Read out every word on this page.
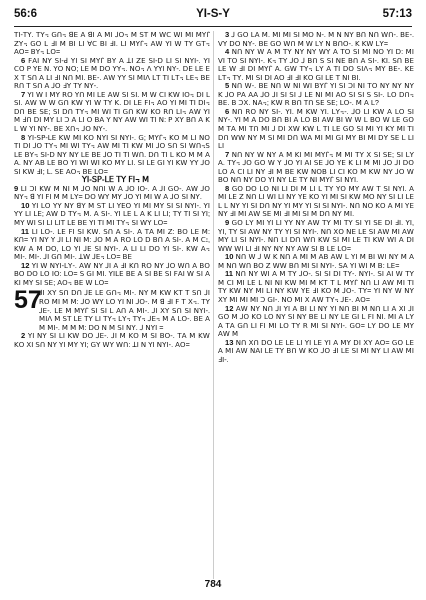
56:6	YI-S-Y	57:13

ꓔꓲ-ꓔꓬ. ꓔꓬ꓾ ꓖꓵ꓾ ꓭꓰ ꓮ ꓭꓲ ꓮ ꓟꓲ ꓙꓳ꓾ ꓟ ꓢꓔ ꓟ ꓪꓚ ꓪꓲ ꓟꓲ ꓟꓬꓩ ꓜꓬ꓾ ꓖꓳ ꓡ ꓞꓲ ꓟ ꓐꓲ ꓡꓲ ꓯꓚ ꓐꓲ ꓞꓲ. ꓡꓲ ꓟꓬꓩ꓾ ꓮꓪ ꓬꓲ ꓪ ꓔꓬ ꓖꓔ꓾ ꓮꓳ= ꓐꓬ꓾ ꓡꓳ=

6 ꓝꓮꓲ ꓠꓬ ꓢꓲ-ꓒ ꓬꓲ ꓢꓲ ꓟꓬꓩ ꓐꓬ ꓮ ꓕꓲ ꓜꓰ ꓢꓲ-ꓓ ꓡꓲ ꓢꓲ ꓠꓬꓲ-. ꓬꓲ ꓚꓳ ꓑ ꓬꓰ ꓠ. ꓬꓳ ꓠꓳ; ꓡꓰ ꓟ ꓓꓳ ꓬꓬ꓾. ꓠꓳ꓾ ꓥ ꓬꓬꓲ ꓠꓬ-. ꓓꓰ ꓡꓰ ꓰ ꓫ ꓔ ꓢꓵ ꓮ ꓡꓲ ꓞꓲ ꓠꓵ ꓟꓲ. ꓐꓰ-. ꓮꓪ ꓬꓬ ꓢꓲ ꓟꓲꓥ ꓡꓔ ꓔꓲ ꓡꓔ꓾ ꓡꓰ꓾ ꓐꓰ ꓣꓵ ꓔ ꓢꓵ ꓮ ꓙꓳ ꓞꓬ ꓔꓬ ꓠꓬ-.

7 ꓬꓲ ꓪ ꓲ ꓟꓬ ꓣꓳ ꓬꓵ ꓟꓲ ꓡꓰ ꓮꓪ ꓢꓲ ꓢꓲ. ꓟ ꓪ ꓚꓲ ꓗꓪ ꓲꓳ꓾ ꓓꓲ ꓡ ꓢꓲ. ꓮꓪ ꓪ ꓪ ꓖꓵ ꓗꓪ ꓬꓲ ꓪ ꓔꓬ ꓗ. ꓓꓲ ꓡꓰ ꓝꓲ꓾ ꓮꓳ ꓬꓲ ꓟꓲ ꓔꓲ ꓓꓲ꓾ ꓓꓵ ꓐꓰ ꓢꓰ; ꓢꓲ ꓓꓵ ꓔꓬ꓾ ꓟꓲ ꓪꓲ ꓔꓲ ꓖꓵ ꓗꓪ ꓗꓳ ꓣꓵ ꓡꓲ꓾ ꓮꓪ ꓬꓲ ꓟ ꓞꓵ ꓓꓲ ꓟꓬ ꓡꓲ ꓛ ꓮ ꓡꓲ ꓳ ꓐꓮ ꓬ ꓠꓬ ꓮꓪ ꓪꓲ ꓔꓲ ꓠ: ꓑ ꓫꓬ ꓐꓵ ꓮ ꓗ ꓡ ꓪ ꓬꓲ ꓠꓬ-. ꓐꓰ ꓫꓵ꓾ ꓙꓳ ꓠꓬ-.

8 ꓬꓲ-ꓢꓑ-ꓡꓰ ꓗꓪ ꓟꓲ ꓗꓳ ꓠꓬꓲ ꓢꓲ ꓠꓬꓲ-. ꓖ; ꓟꓬꓩ꓾ ꓗꓳ ꓟ ꓡꓲ ꓠꓳ ꓔꓲ ꓓꓲ ꓙꓳ ꓔꓬ꓾ ꓟꓲ ꓪꓲ ꓔꓬ꓾ ꓮꓪ ꓟꓲ ꓔꓲ ꓗꓪ ꓟꓲ ꓙꓳ ꓢꓵ ꓢꓲ ꓪꓵ꓾ꓢ ꓡꓰ ꓐꓬ꓾ ꓢꓲ-ꓓ ꓠꓬ ꓠꓬ ꓡꓰ ꓐꓰ ꓙꓳ ꓔꓲ ꓔꓲ ꓪꓵ. ꓓꓵ ꓔꓲ ꓡ ꓗꓳ ꓟ ꓟ ꓮ ꓮ. ꓠꓬ ꓮꓐ ꓡꓰ ꓐꓳ ꓬꓲ ꓪꓲ ꓪꓲ ꓗꓳ ꓟꓬ ꓡꓲ. ꓢꓲ ꓡꓰ ꓖꓲ ꓬꓲ ꓗꓪ ꓬꓬ ꓙꓳ ꓢꓲ ꓗꓪ ꓞꓲ; ꓡ. ꓢꓰ ꓮꓳ꓾ ꓐꓰ ꓡꓳ=

ꓬꓲ-ꓢꓑ-ꓡꓰ ꓔꓬ ꓝꓲ꓾ ꓟ

9 ꓡꓲ ꓛꓲ ꓗꓪ ꓟ ꓠꓲ ꓟ ꓙꓳ ꓠꓵꓲ ꓪ ꓮ ꓙꓳ ꓲꓳ-. ꓮ ꓙꓲ ꓖꓳ-. ꓮꓪ ꓙꓳ ꓠꓬ꓾ ꓭ ꓬꓲ ꓝꓲ ꓟ ꓟ ꓡꓬ= ꓓꓳ ꓪꓬ ꓟꓬ ꓙꓳ ꓬꓲ ꓟꓲ ꓪ ꓮ ꓙꓳ ꓢꓲ ꓠꓬ.

10 ꓬꓲ ꓡꓳ ꓬꓬ ꓠꓬ ꓭꓬ ꓟ ꓢꓔ ꓡꓲ ꓬꓰꓳ ꓬꓲ ꓟꓲ ꓟꓬ ꓢꓲ ꓢꓲ ꓠꓬꓲ-. ꓬꓲ ꓬꓬ ꓡꓲ ꓡꓰ; ꓮꓪ ꓓ ꓔꓬ꓾ ꓟ. ꓮ ꓢꓲ-. ꓬꓲ ꓡꓰ ꓡ ꓮ ꓗ ꓡꓲ ꓡꓲ; ꓔꓬ ꓔꓲ ꓢꓲ ꓬꓲ; ꓟꓬ ꓪꓲ ꓢꓲ ꓡꓲ ꓡꓲꓔ ꓡꓰ ꓐꓰ ꓬꓲ ꓔꓲ ꓟꓲ ꓔꓬ꓾ ꓢꓲ ꓪꓬ ꓡꓳ=

11 ꓡꓲ ꓡꓳ-. ꓡꓰ ꓝꓲ ꓢꓲ ꓗꓪ. ꓢꓵ ꓮ ꓢꓲ-. ꓮ ꓔꓮ ꓟꓲ ꓜ: ꓐꓳ ꓡꓰ ꓟ: ꓗꓵ= ꓬꓲ ꓠꓬ ꓬ ꓙꓲ ꓡꓲ ꓠꓲ ꓟ: ꓙꓳ ꓟ ꓮ ꓣꓳ ꓡꓳ ꓓ ꓐꓵ ꓮ ꓢꓲ-. ꓮ ꓟ ꓚꓽ, ꓗꓪ ꓮ ꓟ ꓓꓳ, ꓡꓳ ꓬꓲ ꓙꓰ ꓢꓲ ꓠꓬꓲ-. ꓮ ꓡꓲ ꓡꓲ ꓓꓳ ꓬꓲ ꓢꓲ-. ꓗꓪ ꓮ꓾ ꓟꓲ-. ꓟꓲ-. ꓙꓲ ꓖꓵ ꓟꓲ-. ꓕꓪ ꓙꓰ꓾ ꓡꓳ= ꓐꓰ

12 ꓬꓲ ꓪ ꓠꓬꓲ-ꓡꓬ-. ꓮꓪ ꓠꓬ ꓙꓲ ꓮ ꓞꓲ ꓗꓵ ꓣꓳ ꓠꓬ ꓙꓳ ꓪꓵ ꓮ ꓐꓳ ꓐꓳ ꓓꓳ ꓡꓳ ꓲꓳ: ꓡꓳ= ꓢ ꓖꓲ ꓟꓲ. ꓬꓲꓡꓰ ꓐꓰ ꓮ ꓢꓲ ꓐꓰ ꓢꓲ ꓝꓮꓲ ꓪ ꓢꓲ ꓮ ꓗꓲ ꓟꓬ ꓢꓲ ꓢꓰ; ꓮꓳ꓾ ꓐꓰ ꓪ ꓡꓳ=

57
ꓙꓲ ꓫꓬ ꓢꓵ ꓓꓵ ꓙꓰ ꓡꓰ ꓖꓵ꓾ ꓟꓲ-. ꓠꓬ ꓟ ꓗꓪ ꓗꓔ ꓔ ꓢꓵ ꓙꓲ ꓣꓳ ꓟꓲ ꓟ ꓟ: ꓙꓳ ꓪꓬ ꓡꓳ ꓬꓲ ꓠꓲ ꓙꓳ-. ꓟ ꓭ ꓞꓲ ꓝ ꓔ ꓫ꓾. ꓔꓬ ꓙꓰ-. ꓡꓰ ꓟ ꓟꓬꓩ ꓢꓲ ꓢꓲ ꓡ ꓮꓵ ꓮ ꓟꓲ-. ꓙꓲ ꓫꓬ ꓢꓵ ꓢꓲ ꓠꓬꓲ-. ꓟꓲꓥ ꓟ ꓢꓔ ꓡꓰ ꓔꓬ ꓡꓲ ꓔꓬ꓾ ꓡꓬ꓾ ꓔꓬ꓾ ꓙꓰ꓾ ꓟ ꓮ ꓡꓳ-. ꓐꓰ ꓮ ꓟ ꓟꓲ-. ꓟ ꓟ ꓟ: ꓓꓳ ꓠ ꓟ ꓢꓲ ꓠꓬ. ꓙ ꓠꓬꓲ =

2 ꓬꓲ ꓠꓬ ꓢꓲ ꓡꓲ ꓗꓪ ꓓꓳ ꓙꓰ-. ꓙꓲ ꓟ ꓗꓳ ꓟ ꓢꓲ ꓐꓳ-. ꓔꓮ ꓟ ꓗꓪ ꓗꓳ ꓫꓲ ꓢꓵ ꓠꓬ ꓬꓲ ꓟꓬ ꓬꓲ; ꓖꓬ ꓪꓬ ꓪꓵ: ꓕꓲ ꓠ ꓬꓲ ꓠꓬꓲ-. ꓮꓳ=

3 ꓙ ꓖꓳ ꓡꓮ ꓟ. ꓟꓲ ꓟꓲ ꓢꓲ ꓟꓳ ꓠ-. ꓟ ꓠ ꓠꓬ ꓐꓵ ꓠꓵ ꓪꓵ-. ꓐꓰ-. ꓦꓬ ꓓꓳ ꓠꓬ-. ꓐꓰ ꓖꓳ ꓪꓵ ꓟ ꓪ ꓡꓬ ꓠ ꓐꓵꓳ-. ꓗ ꓗꓪ ꓡꓬ=

4 ꓠꓵ ꓠꓬ ꓪ ꓮ ꓟ ꓔꓬ ꓠꓬ ꓠꓬ ꓪꓬ ꓮ ꓔꓳ ꓢꓲ ꓟꓲ ꓠꓳ ꓬꓲ ꓓ: ꓟꓲ ꓦꓲ ꓔꓳ ꓢꓲ ꓠꓬꓲ-. ꓗ꓾ ꓔꓬ ꓙꓳ ꓙ ꓐꓵ ꓢ ꓢꓲ ꓠꓰ ꓐꓵ ꓮ ꓢꓲ-. ꓗꓲ. ꓢꓵ ꓐꓰ ꓡꓰ ꓪ ꓞꓲ ꓓꓲ ꓟꓬꓩ ꓮ. ꓖꓪ ꓔꓬ꓾ ꓡꓬ ꓮ ꓔꓲ ꓓꓳ ꓢꓲꓥ꓾ ꓟꓬ ꓐꓰ-. ꓗꓰ ꓡꓔ꓾ ꓔꓬ. ꓟꓲ ꓢꓲ ꓓꓲ ꓮꓳ ꓞꓲ ꓞꓲ ꓗꓳ ꓖꓲ ꓡꓰ ꓔ ꓠꓲ ꓐꓲ.

5 ꓠꓵ ꓪ-. ꓐꓰ ꓠꓵ ꓪ ꓠꓲ ꓪꓲ ꓐꓬꓩ ꓬꓲ ꓢꓲ ꓛꓲ ꓠꓲ ꓔꓳ ꓠꓬ ꓠꓬ ꓠꓬ ꓗ ꓙꓳ ꓑꓮ ꓮꓮ ꓙꓳ ꓙꓲ ꓢꓲ ꓢꓲ ꓙ ꓡꓰ ꓠꓲ ꓟꓲ ꓮꓳ ꓢꓲ ꓢꓲ ꓢ ꓢꓲ-. ꓡꓳ ꓓꓵ꓾ ꓐꓰ. ꓐ ꓛꓫ. ꓠꓮ꓾; ꓗꓪ ꓣ ꓐꓵ ꓔꓵ ꓢꓰ ꓢꓰ; ꓡꓳ-. ꓟ ꓮ ꓡ?

6 ꓠꓵ ꓣꓳ ꓠꓬ ꓢꓲ-. ꓬꓲ. ꓟ ꓗꓪ ꓬꓲ. ꓡꓬ꓾-. ꓙꓳ ꓡꓲ ꓗꓪ ꓮ ꓡꓳ ꓢꓲ ꓠꓬ-. ꓬꓲ ꓟ ꓮ ꓓꓳ ꓐꓵ ꓐꓲ ꓮ ꓡꓳ ꓐꓲ ꓮꓪ ꓐꓲ ꓪ ꓪ ꓡ ꓐꓳ ꓪ ꓡꓰ ꓖꓳ ꓟ ꓔꓮ ꓟꓲ ꓔꓵ ꓟꓲ ꓙ ꓓꓲ ꓫꓪ ꓗꓪ ꓡ ꓔꓲ ꓡꓰ ꓖꓳ ꓢꓲ ꓟꓲ ꓬꓲ ꓗꓬ ꓟꓲ ꓔꓲ ꓓꓵ ꓪꓪ ꓠꓬ ꓟ ꓢꓲ ꓟꓲ ꓓꓵ ꓪꓮ ꓟꓲ ꓟꓲ ꓖꓲ ꓟꓬ ꓐꓲ ꓟꓲ ꓓꓬ ꓢꓰ ꓡ ꓡꓲ ꓡꓲ

7 ꓠꓵ ꓠꓬ ꓪ ꓠꓬ ꓮ ꓟ ꓗꓲ ꓟꓲ ꓟꓬꓩ꓾ ꓟ ꓟꓲ ꓔꓬ ꓫ ꓢꓲ ꓢꓰ; ꓢꓲ ꓡꓬ ꓮ. ꓔꓬ꓾ ꓙꓳ ꓖꓳ ꓪ ꓬ ꓙꓳ ꓬꓲ ꓮꓲ ꓢꓰ ꓙꓳ ꓬꓰ ꓗ ꓡꓲ ꓟ ꓟꓲ ꓙꓳ ꓙꓲ ꓓꓳ ꓡꓳ ꓮ ꓚꓲ ꓡꓲ ꓠꓬ ꓞꓲ ꓟ ꓐꓰ ꓗꓪ ꓠꓳꓐ ꓡꓲ ꓚꓲ ꓗꓳ ꓟ ꓗꓪ ꓠꓬ ꓙꓳ ꓪ ꓐꓳ ꓠꓵ ꓠꓬ ꓓꓳ ꓬꓲ ꓠꓬ ꓡꓰ ꓔꓬ ꓠꓲ ꓟꓬꓩ ꓢꓲ ꓠꓬꓲ.

8 ꓖꓳ ꓓꓳ ꓡꓳ ꓠꓲ ꓡꓲ ꓓꓲ ꓟ ꓡꓲ ꓡ ꓔꓬ ꓬꓳ ꓟꓬ ꓮꓪ ꓔ ꓢꓲ ꓠꓬꓲ. ꓮ ꓟꓲ ꓡꓰ ꓜ ꓠꓵ ꓡꓲ ꓪꓲ ꓡꓲ ꓠꓬ ꓬꓰ ꓗꓳ ꓬꓲ ꓟꓲ ꓢꓲ ꓗꓪ ꓟꓳ ꓠꓬ ꓢꓲ ꓡꓲ ꓡꓰ ꓡ ꓡ ꓠꓬ ꓬꓲ ꓢꓲ ꓓꓵ ꓠꓬ ꓬꓲ ꓟꓬ ꓬꓲ ꓢꓲ ꓢꓲ ꓠꓬꓲ-. ꓠꓵ ꓠꓳ ꓗꓳ ꓮ ꓟꓲ ꓬꓰ ꓠꓬ ꓞꓲ ꓟꓲ ꓮꓪ ꓢꓰ ꓟꓲ ꓞꓲ ꓟꓲ ꓢꓲ ꓟ ꓓꓵ ꓠꓬ ꓟꓲ.

9 ꓖꓳ ꓡꓬ ꓟꓲ ꓬꓲ ꓡꓲ ꓬꓬ ꓠꓬ ꓮꓪ ꓔꓬ ꓟꓲ ꓔꓬ ꓢꓲ ꓬꓲ ꓢꓰ ꓓꓲ ꓞꓲ. ꓬꓲ, ꓬꓲ, ꓔꓬ ꓢꓲ ꓮꓪ ꓠꓬ ꓔꓬ ꓬꓲ ꓢꓲ ꓠꓬꓲ-. ꓠꓵ ꓫꓳ ꓠꓰ ꓡꓰ ꓢꓲ ꓮꓪ ꓟꓲ ꓮꓪ ꓟꓬ ꓡꓲ ꓢꓲ ꓠꓬꓲ-. ꓠꓵ ꓡꓲ ꓓꓵ ꓪꓵ ꓗꓪ ꓢꓲ ꓟꓲ ꓡꓰ ꓔꓲ ꓗꓪ ꓪꓲ ꓮ ꓓꓲ ꓪꓪ ꓪꓲ ꓡꓲ ꓞꓲ ꓠꓬ ꓠꓬ ꓠꓬ ꓮꓪ ꓢꓲ ꓐ ꓡꓰ ꓡꓳ=

10 ꓠꓵ ꓪ ꓙ ꓪ ꓗ ꓠꓵ ꓮ ꓟꓲ ꓟ ꓮꓐ ꓮꓪ ꓡ ꓬꓲ ꓟ ꓐꓲ ꓪꓲ ꓠꓬ ꓟ ꓮ ꓟ ꓠꓵ ꓪꓵ ꓐꓳ ꓜ ꓪꓪ ꓐꓵ ꓟꓲ ꓢꓲ ꓠꓬꓲ-. ꓢꓮ ꓬꓲ ꓪꓲ ꓟ ꓐ: ꓡꓰ=

11 ꓠꓵ ꓠꓬ ꓪꓲ ꓮ ꓟ ꓔꓬ ꓙꓳ-. ꓢꓲ ꓢꓲ ꓓꓲ ꓔꓬ-. ꓠꓬꓲ-. ꓢꓲ ꓮꓲ ꓪ ꓔꓬ ꓟ ꓚꓲ ꓟꓲ ꓡꓰ ꓡ ꓠꓲ ꓠꓲ ꓗꓪ ꓟꓲ ꓟ ꓗꓔ ꓔ ꓡ ꓟꓬꓩ ꓠꓵ ꓡꓲ ꓮꓪ ꓟꓲ ꓔꓲ ꓔꓬ ꓗꓪ ꓠꓬ ꓟꓲ ꓡꓲ ꓠꓬ ꓗꓪ ꓬꓰ ꓞꓲ ꓗꓳ ꓟ ꓙꓳ-. ꓔꓬ= ꓬꓲ ꓠꓬ ꓪ ꓠꓬ ꓫꓬ ꓟꓲ ꓟꓲ ꓟꓲ ꓛ ꓖꓲ-. ꓠꓳ ꓟꓲ ꓫ ꓮꓪ ꓔꓬ꓾ ꓙꓰ-. ꓮꓳ=

12 ꓮꓪ ꓠꓬ ꓠꓵ ꓙꓲ ꓬꓲ ꓮ ꓐꓲ ꓡꓲ ꓠꓬ ꓬꓲ ꓠꓵ ꓐꓲ ꓟ ꓠꓵ ꓡꓲ ꓮ ꓫꓲ ꓙꓲ ꓖꓳ ꓟ ꓙꓳ ꓗꓳ ꓡꓳ ꓠꓬ ꓢꓲ ꓠꓬ ꓐꓰ ꓡꓲ ꓠꓬ ꓡꓰ ꓖꓲ ꓡ ꓝꓲ ꓠꓲ. ꓟꓲ ꓮ ꓡꓬ ꓮ ꓔꓮ ꓖꓵ ꓡꓲ ꓝꓲ ꓟꓲ ꓡꓳ ꓔꓬ ꓣ ꓟꓲ ꓢꓲ ꓠꓬꓲ-. ꓖꓳ= ꓡꓬ ꓓꓳ ꓡꓰ ꓟꓬ ꓮꓪ ꓟ

13 ꓠꓵ ꓫꓵ ꓓꓳ ꓡꓰ ꓡꓰ ꓡꓲ ꓬꓲ ꓡꓰ ꓬꓲ ꓮ ꓟꓬ ꓓꓲ ꓫꓬ ꓮꓳ= ꓖꓳ ꓡꓰ ꓮ ꓟꓲ ꓮꓪ ꓠꓮꓲ ꓡꓰ ꓔꓬ ꓐꓵ ꓪ ꓗꓳ ꓙꓳ ꓞꓲ ꓡꓰ ꓢꓲ ꓟꓲ ꓠꓬ ꓡꓲ ꓮꓪ ꓟꓲ ꓞꓲ-.

784
